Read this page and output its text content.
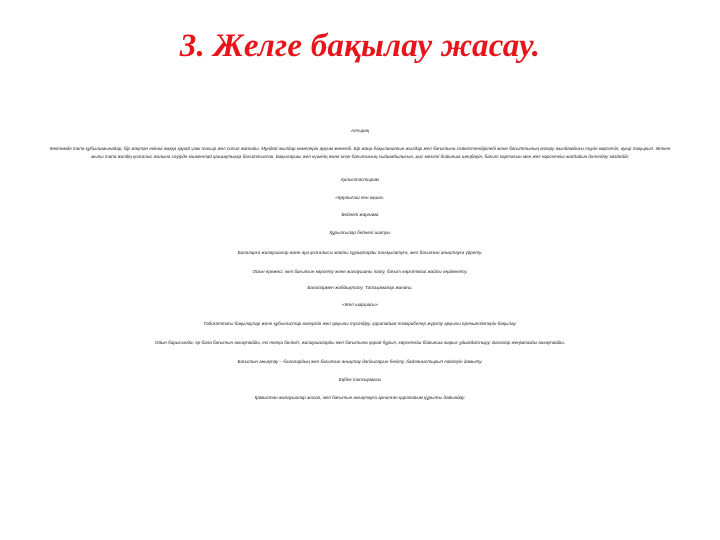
3. Желге бақылау жасау.
Алғырақ
Көктемде тапа құбылымынадар, бір жақтан екінші жаққа қарай үзак тасыр жел соғып жатады. Мұндай жылдар кемелерін ауқым жөнелді. Бір жаңа бақыланатын жылдар жел бағытына сәйкестендіріледі және бағыттының өзгеру жылдамдығы түрін көрсетіп, ауыр тақырып. Өткен жылы тапа желдің қозғалыс жолына сәуірде кішкентай қашықтыққа бағыттылған. Бақылаушы жел күшінің және оған бағытының сыйымдылығын, қыс мезгілі бойынша шеңберін, бағыт картасын мен жел көрсеткіш жағдайын дәлелдеу көздейді.
Қалыптастырам
«Қарлығаш пен ақша».
Бейнелі жарнама
Құрылғылар бейнелі шатуы
Балаларға жалаушалар және ауа қозғалысы жайлы сұрақтарды талқылатуға, жел бағытын анықтауға үйрету.
Ойын ережесі: жел бағытын көрсету және жалаушаны тапу, бағыт көрсеткіші жайлы әңгімелесу.
Балалармен жабдықталу. Тапсырмалар жинағы.
«Жел шаршағы»
Табиғаттағы бақылаулар және құбылыстар өзгерісін жел арқылы түсіндіру, қарапайым тәжірибелер жүргізу арқылы ерекшеліктерін бақылау.
Ойын барысында: әр бала бағытын анықтайды, екі топқа бөлініп, жалаушаларды жел бағытына қарай бұрып, көрсеткіш бойынша жарыс ұйымдастыру. Балалар жеңімпазды анықтайды.
Бағытын анықтау – балалардың жел бағытын анықтау дағдыларын бекіту, байланыстырып сөйлеуін дамыту.
Еңбек тапсырмасы
Қамыстан жалаушалар жасап, жел бағытын анықтауға арналған қарапайым құрылғы дайындау.
